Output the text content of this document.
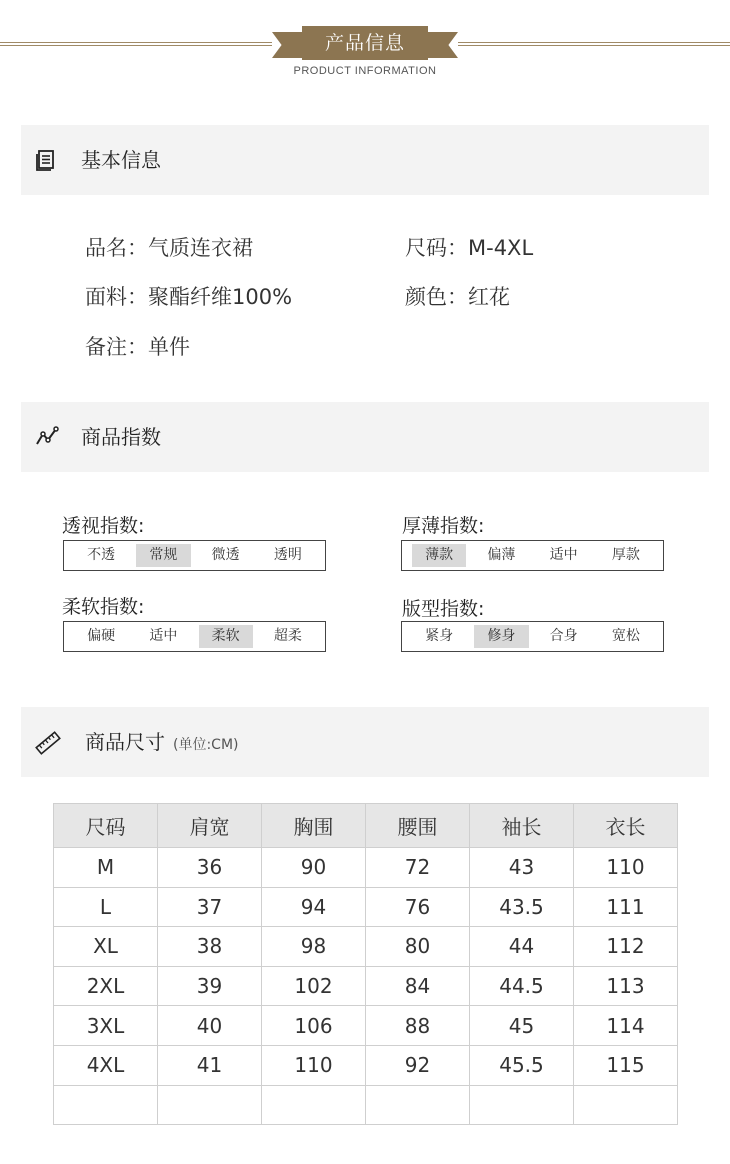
产品信息
PRODUCT INFORMATION
基本信息
品名：气质连衣裙	尺码：M-4XL
面料：聚酯纤维100%	颜色：红花
备注：单件
商品指数
透视指数:
不透	常规	微透	透明
厚薄指数:
薄款	偏薄	适中	厚款
柔软指数:
偏硬	适中	柔软	超柔
版型指数:
紧身	修身	合身	宽松
商品尺寸 (单位:CM)
尺码	肩宽	胸围	腰围	袖长	衣长
M	36	90	72	43	110
L	37	94	76	43.5	111
XL	38	98	80	44	112
2XL	39	102	84	44.5	113
3XL	40	106	88	45	114
4XL	41	110	92	45.5	115
